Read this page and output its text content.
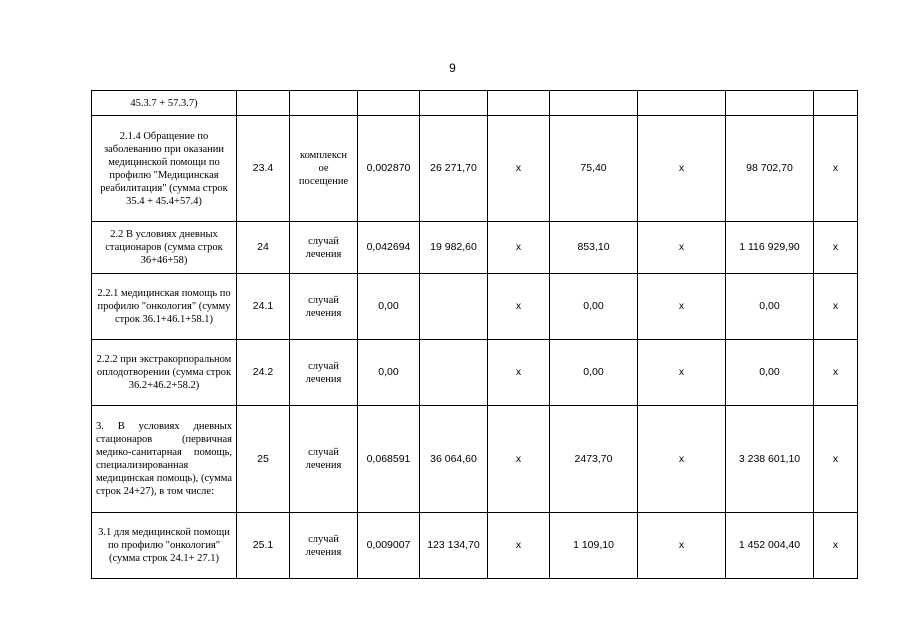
9
45.3.7 + 57.3.7)									
2.1.4 Обращение по заболеванию при оказании медицинской помощи по профилю "Медицинская реабилитация" (сумма строк 35.4 + 45.4+57.4)	23.4	комплексн ое посещение	0,002870	26 271,70	х	75,40	х	98 702,70	х
2.2 В условиях дневных стационаров (сумма строк 36+46+58)	24	случай лечения	0,042694	19 982,60	х	853,10	х	1 116 929,90	х
2.2.1 медицинская помощь по профилю "онкология" (сумму строк 36.1+46.1+58.1)	24.1	случай лечения	0,00		х	0,00	х	0,00	х
2.2.2 при экстракорпоральном оплодотворении (сумма строк 36.2+46.2+58.2)	24.2	случай лечения	0,00		х	0,00	х	0,00	х
3. В условиях дневных стационаров (первичная медико-санитарная помощь, специализированная медицинская помощь), (сумма строк 24+27), в том числе:	25	случай лечения	0,068591	36 064,60	х	2473,70	х	3 238 601,10	х
3.1 для медицинской помощи по профилю "онкология" (сумма строк 24.1+ 27.1)	25.1	случай лечения	0,009007	123 134,70	х	1 109,10	х	1 452 004,40	х
